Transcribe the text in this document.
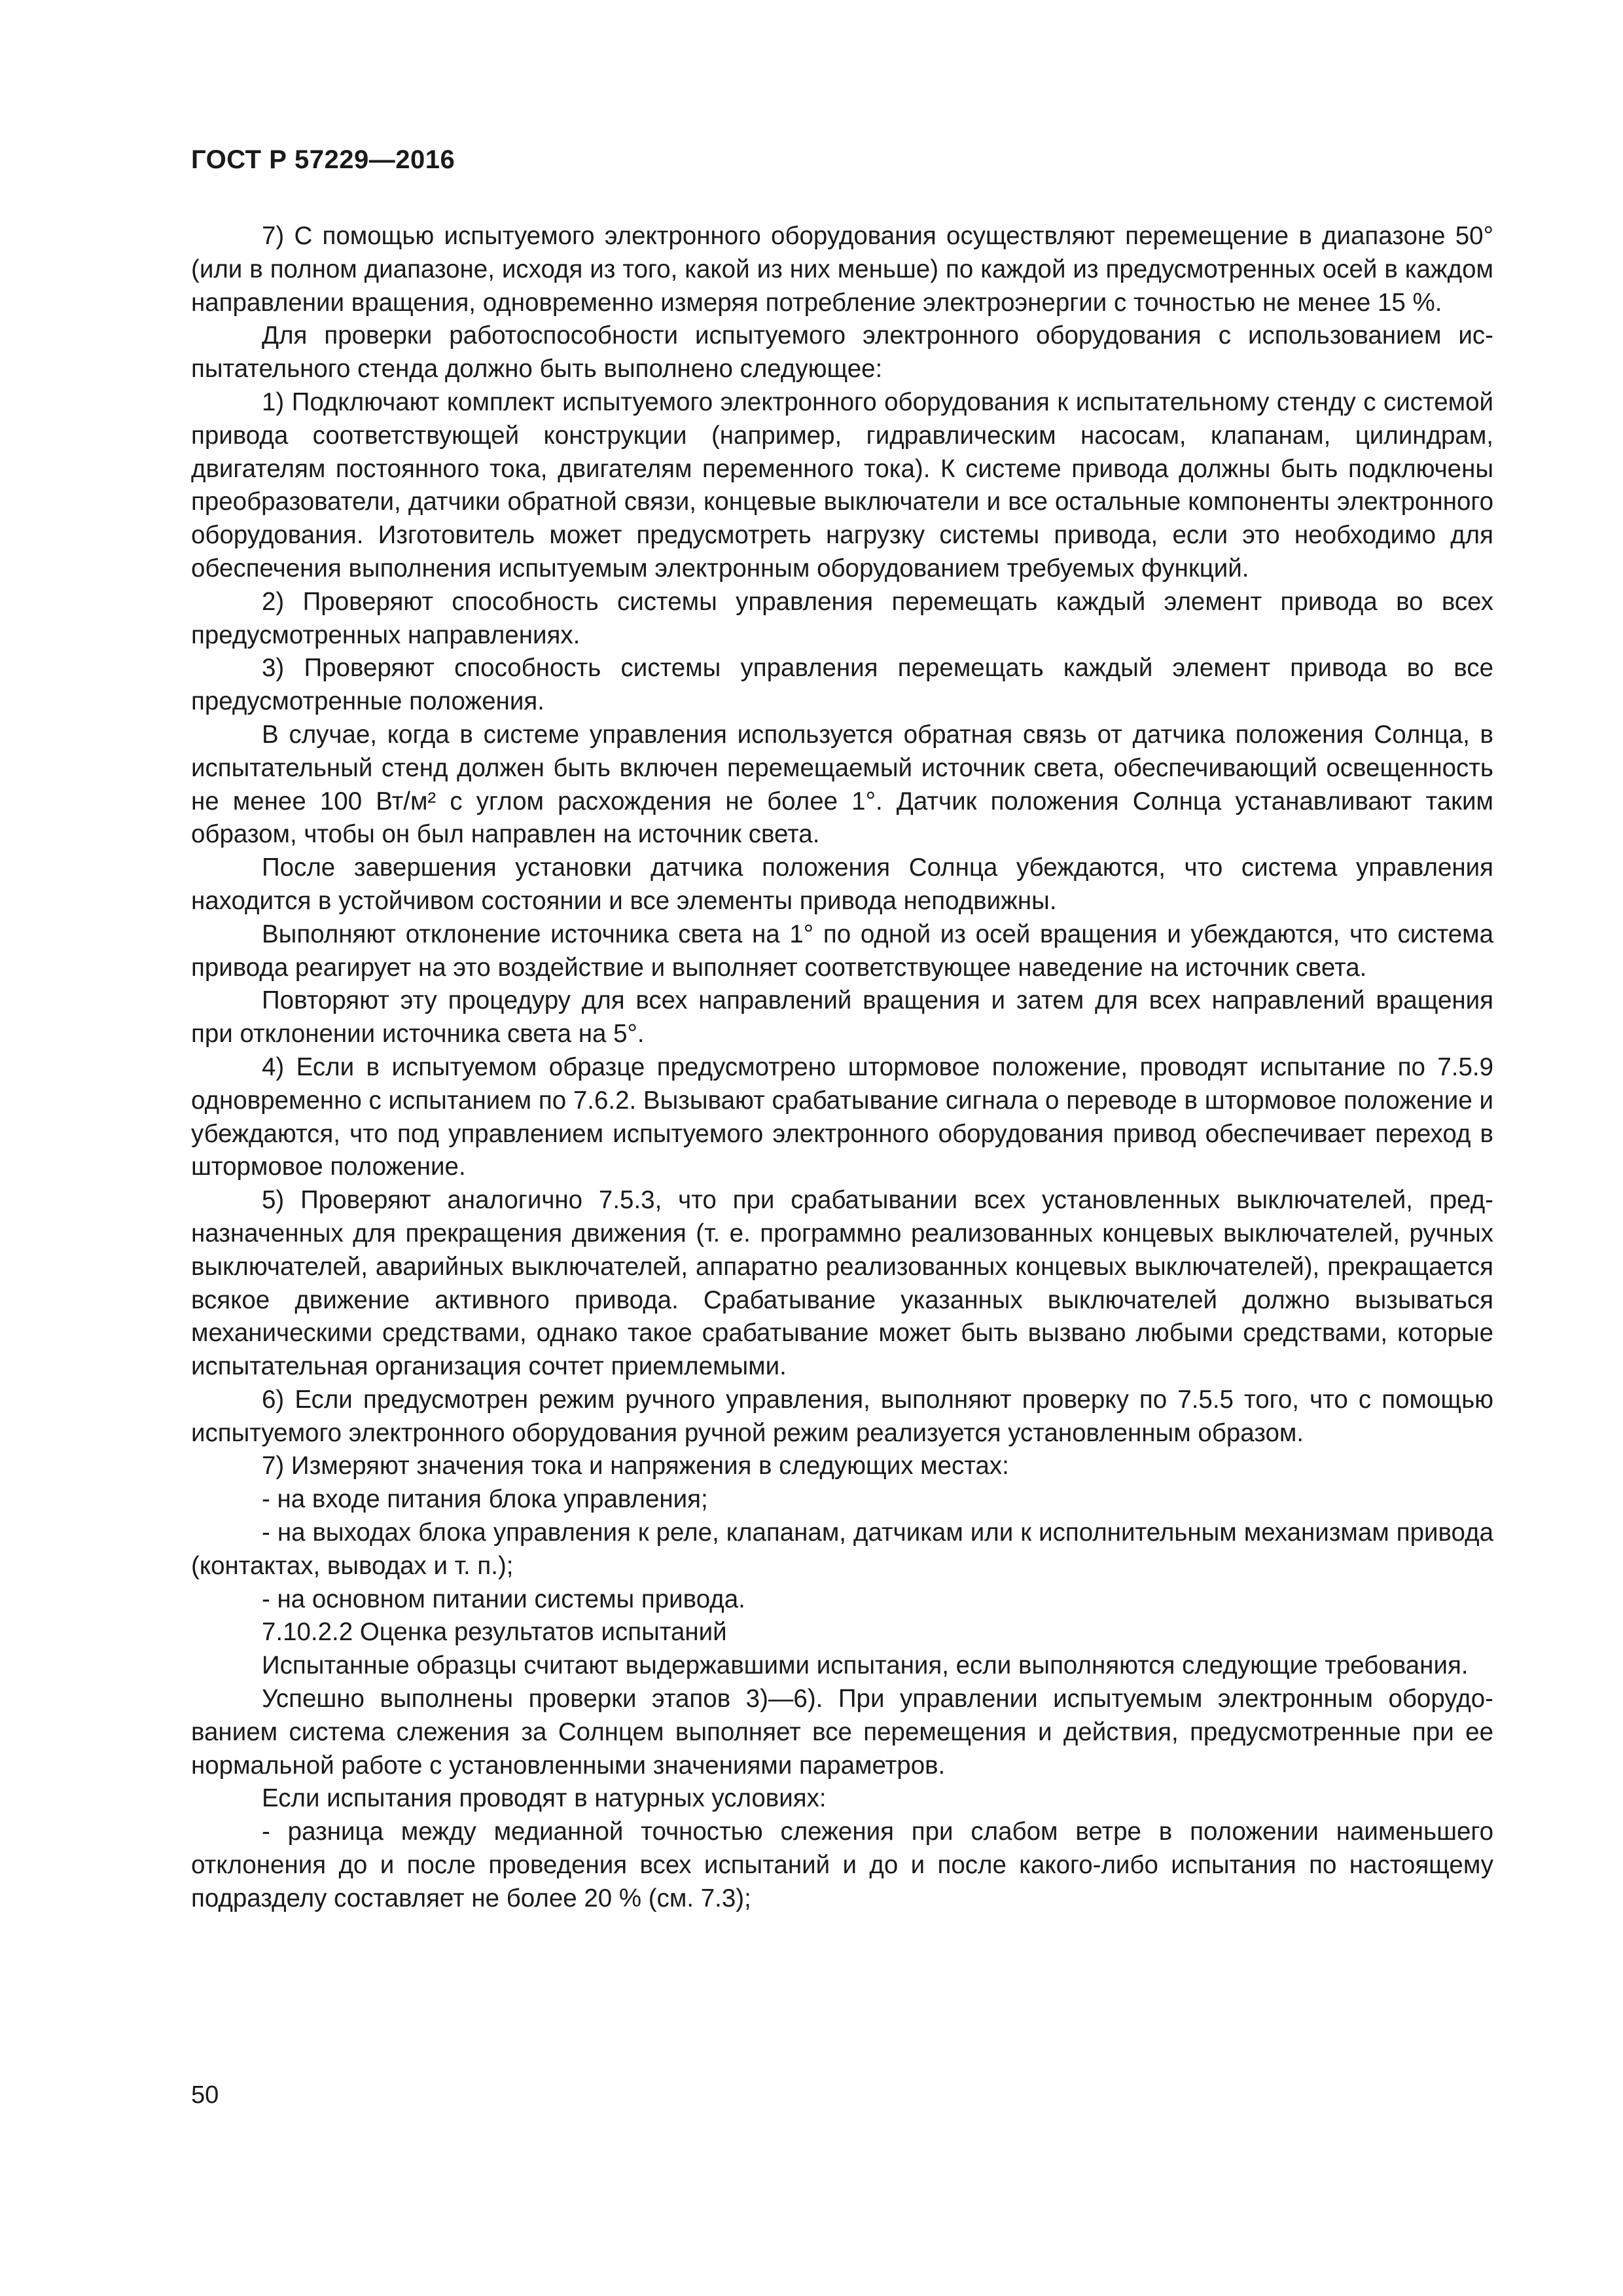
ГОСТ Р 57229—2016

7) С помощью испытуемого электронного оборудования осуществляют перемещение в диапазоне 50° (или в полном диапазоне, исходя из того, какой из них меньше) по каждой из предусмотренных осей в каждом направлении вращения, одновременно измеряя потребление электроэнергии с точностью не менее 15 %.

Для проверки работоспособности испытуемого электронного оборудования с использованием испытательного стенда должно быть выполнено следующее:

1) Подключают комплект испытуемого электронного оборудования к испытательному стенду с системой привода соответствующей конструкции (например, гидравлическим насосам, клапанам, цилиндрам, двигателям постоянного тока, двигателям переменного тока). К системе привода должны быть подключены преобразователи, датчики обратной связи, концевые выключатели и все остальные компоненты электронного оборудования. Изготовитель может предусмотреть нагрузку системы привода, если это необходимо для обеспечения выполнения испытуемым электронным оборудованием требуемых функций.

2) Проверяют способность системы управления перемещать каждый элемент привода во всех предусмотренных направлениях.

3) Проверяют способность системы управления перемещать каждый элемент привода во все предусмотренные положения.

В случае, когда в системе управления используется обратная связь от датчика положения Солнца, в испытательный стенд должен быть включен перемещаемый источник света, обеспечивающий освещенность не менее 100 Вт/м² с углом расхождения не более 1°. Датчик положения Солнца устанавливают таким образом, чтобы он был направлен на источник света.

После завершения установки датчика положения Солнца убеждаются, что система управления находится в устойчивом состоянии и все элементы привода неподвижны.

Выполняют отклонение источника света на 1° по одной из осей вращения и убеждаются, что система привода реагирует на это воздействие и выполняет соответствующее наведение на источник света.

Повторяют эту процедуру для всех направлений вращения и затем для всех направлений вращения при отклонении источника света на 5°.

4) Если в испытуемом образце предусмотрено штормовое положение, проводят испытание по 7.5.9 одновременно с испытанием по 7.6.2. Вызывают срабатывание сигнала о переводе в штормовое положение и убеждаются, что под управлением испытуемого электронного оборудования привод обеспечивает переход в штормовое положение.

5) Проверяют аналогично 7.5.3, что при срабатывании всех установленных выключателей, предназначенных для прекращения движения (т. е. программно реализованных концевых выключателей, ручных выключателей, аварийных выключателей, аппаратно реализованных концевых выключателей), прекращается всякое движение активного привода. Срабатывание указанных выключателей должно вызываться механическими средствами, однако такое срабатывание может быть вызвано любыми средствами, которые испытательная организация сочтет приемлемыми.

6) Если предусмотрен режим ручного управления, выполняют проверку по 7.5.5 того, что с помощью испытуемого электронного оборудования ручной режим реализуется установленным образом.

7) Измеряют значения тока и напряжения в следующих местах:

- на входе питания блока управления;

- на выходах блока управления к реле, клапанам, датчикам или к исполнительным механизмам привода (контактах, выводах и т. п.);

- на основном питании системы привода.

7.10.2.2 Оценка результатов испытаний

Испытанные образцы считают выдержавшими испытания, если выполняются следующие требования.

Успешно выполнены проверки этапов 3)—6). При управлении испытуемым электронным оборудованием система слежения за Солнцем выполняет все перемещения и действия, предусмотренные при ее нормальной работе с установленными значениями параметров.

Если испытания проводят в натурных условиях:

- разница между медианной точностью слежения при слабом ветре в положении наименьшего отклонения до и после проведения всех испытаний и до и после какого-либо испытания по настоящему подразделу составляет не более 20 % (см. 7.3);

50
